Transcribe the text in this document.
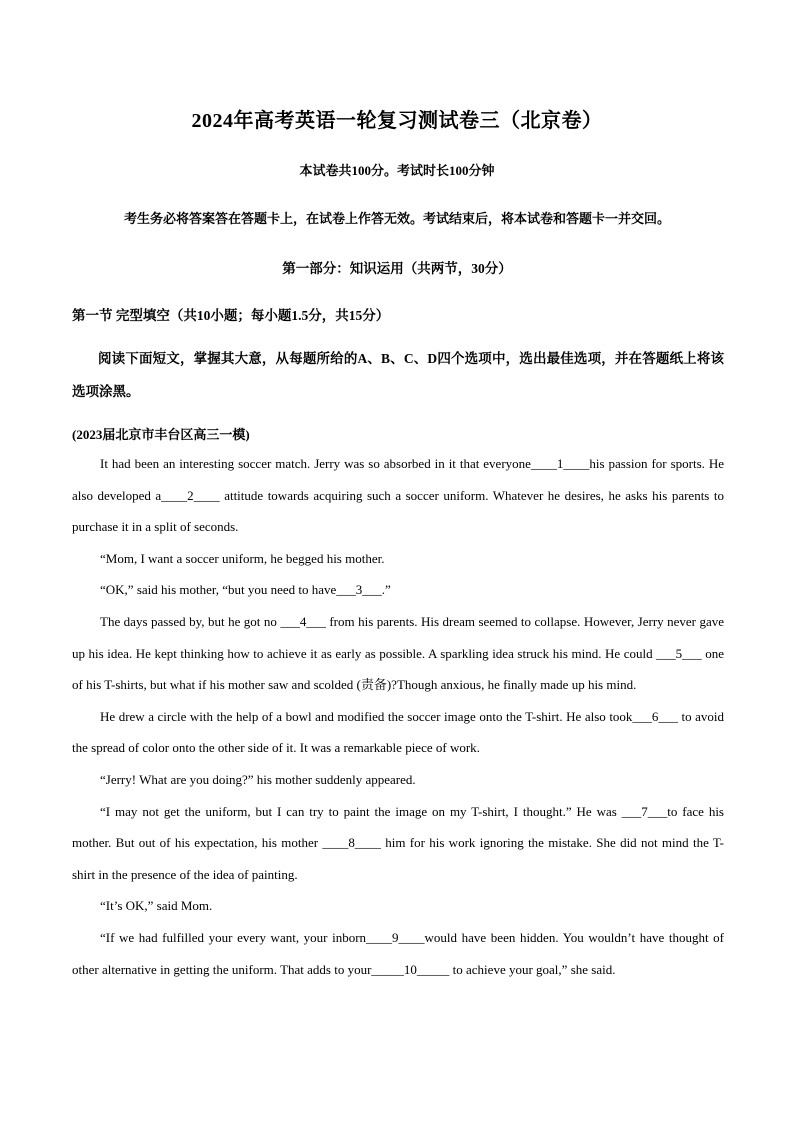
2024年高考英语一轮复习测试卷三（北京卷）
本试卷共100分。考试时长100分钟
考生务必将答案答在答题卡上，在试卷上作答无效。考试结束后，将本试卷和答题卡一并交回。
第一部分：知识运用（共两节，30分）
第一节 完型填空（共10小题；每小题1.5分，共15分）
阅读下面短文，掌握其大意，从每题所给的A、B、C、D四个选项中，选出最佳选项，并在答题纸上将该选项涂黑。
(2023届北京市丰台区高三一模)

It had been an interesting soccer match. Jerry was so absorbed in it that everyone____1____his passion for sports. He also developed a____2____ attitude towards acquiring such a soccer uniform. Whatever he desires, he asks his parents to purchase it in a split of seconds.

“Mom, I want a soccer uniform, he begged his mother.

“OK,” said his mother, “but you need to have___3___.”

The days passed by, but he got no ___4___ from his parents. His dream seemed to collapse. However, Jerry never gave up his idea. He kept thinking how to achieve it as early as possible. A sparkling idea struck his mind. He could ___5___ one of his T-shirts, but what if his mother saw and scolded (责备)?Though anxious, he finally made up his mind.

He drew a circle with the help of a bowl and modified the soccer image onto the T-shirt. He also took___6___ to avoid the spread of color onto the other side of it. It was a remarkable piece of work.

“Jerry! What are you doing?” his mother suddenly appeared.

“I may not get the uniform, but I can try to paint the image on my T-shirt, I thought.” He was ___7___to face his mother. But out of his expectation, his mother ____8____ him for his work ignoring the mistake. She did not mind the T-shirt in the presence of the idea of painting.

“It’s OK,” said Mom.

“If we had fulfilled your every want, your inborn____9____would have been hidden. You wouldn’t have thought of other alternative in getting the uniform. That adds to your_____10_____ to achieve your goal,” she said.
